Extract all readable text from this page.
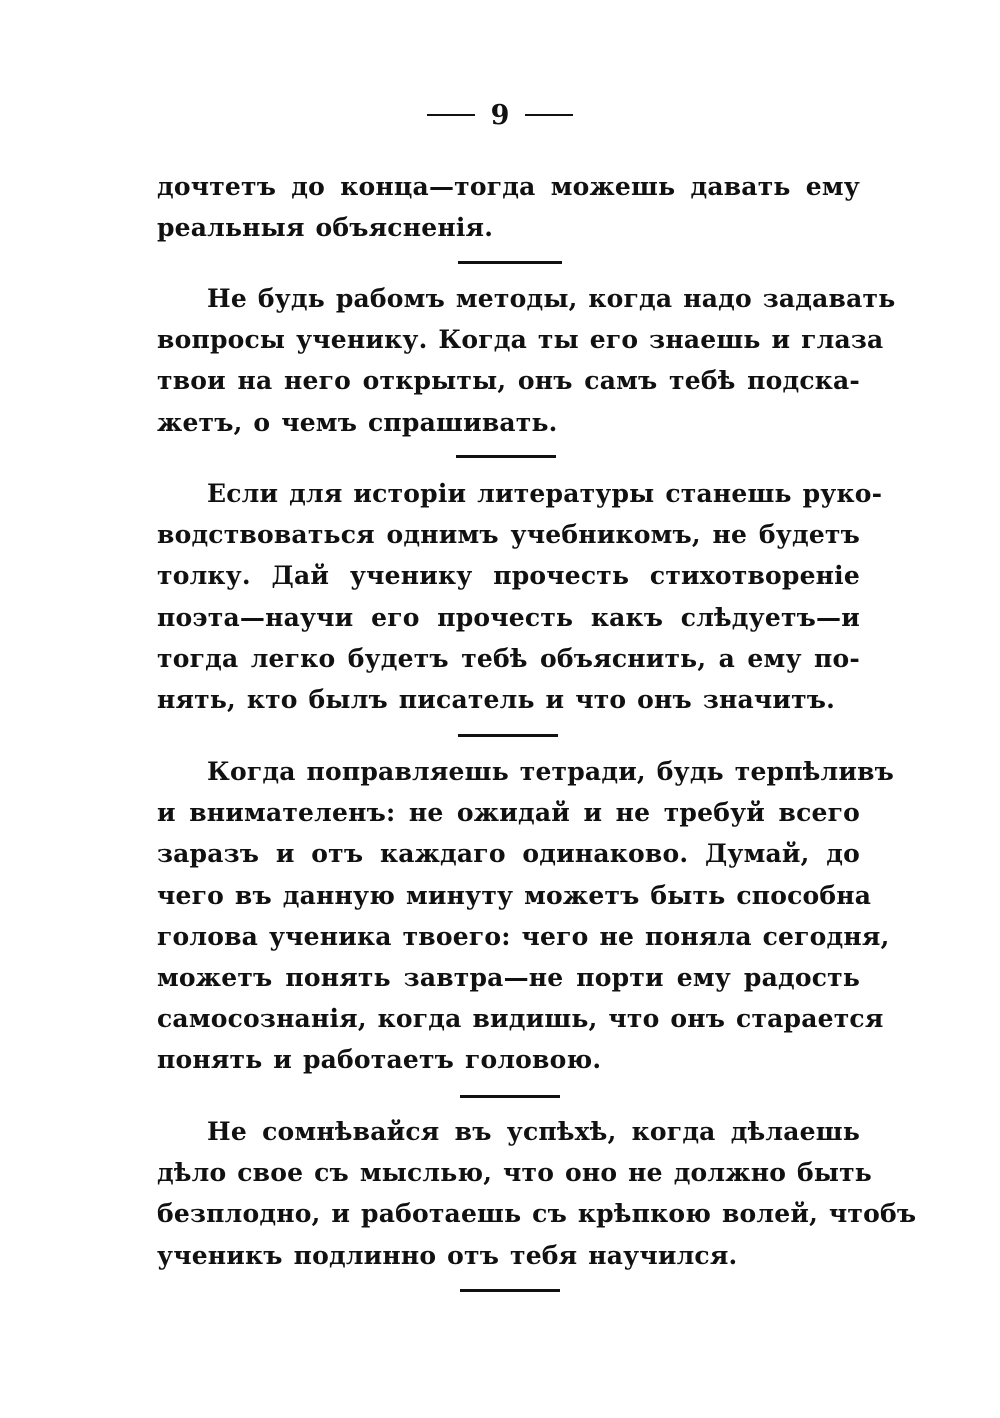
9

дочтетъ до конца—тогда можешь давать ему
реальныя объясненія.

Не будь рабомъ методы, когда надо задавать
вопросы ученику. Когда ты его знаешь и глаза
твои на него открыты, онъ самъ тебѣ подска-
жетъ, о чемъ спрашивать.

Если для исторіи литературы станешь руко-
водствоваться однимъ учебникомъ, не будетъ
толку. Дай ученику прочесть стихотвореніе
поэта—научи его прочесть какъ слѣдуетъ—и
тогда легко будетъ тебѣ объяснить, а ему по-
нять, кто былъ писатель и что онъ значитъ.

Когда поправляешь тетради, будь терпѣливъ
и внимателенъ: не ожидай и не требуй всего
заразъ и отъ каждаго одинаково. Думай, до
чего въ данную минуту можетъ быть способна
голова ученика твоего: чего не поняла сегодня,
можетъ понять завтра—не порти ему радость
самосознанія, когда видишь, что онъ старается
понять и работаетъ головою.

Не сомнѣвайся въ успѣхѣ, когда дѣлаешь
дѣло свое съ мыслью, что оно не должно быть
безплодно, и работаешь съ крѣпкою волей, чтобъ
ученикъ подлинно отъ тебя научился.
